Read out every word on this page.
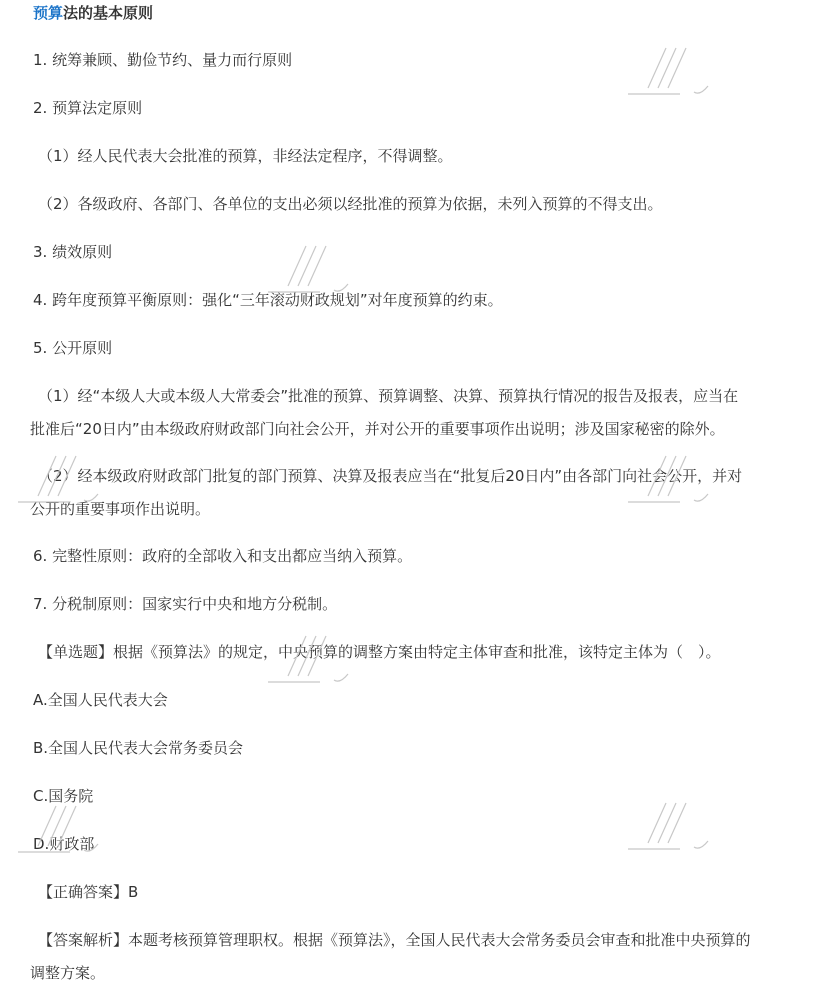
预算法的基本原则
1. 统筹兼顾、勤俭节约、量力而行原则
2. 预算法定原则
（1）经人民代表大会批准的预算，非经法定程序，不得调整。
（2）各级政府、各部门、各单位的支出必须以经批准的预算为依据，未列入预算的不得支出。
3. 绩效原则
4. 跨年度预算平衡原则：强化“三年滚动财政规划”对年度预算的约束。
5. 公开原则
（1）经“本级人大或本级人大常委会”批准的预算、预算调整、决算、预算执行情况的报告及报表，应当在
批准后“20日内”由本级政府财政部门向社会公开，并对公开的重要事项作出说明；涉及国家秘密的除外。
（2）经本级政府财政部门批复的部门预算、决算及报表应当在“批复后20日内”由各部门向社会公开，并对
公开的重要事项作出说明。
6. 完整性原则：政府的全部收入和支出都应当纳入预算。
7. 分税制原则：国家实行中央和地方分税制。
【单选题】根据《预算法》的规定，中央预算的调整方案由特定主体审查和批准，该特定主体为（　）。
A.全国人民代表大会
B.全国人民代表大会常务委员会
C.国务院
D.财政部
【正确答案】B
【答案解析】本题考核预算管理职权。根据《预算法》，全国人民代表大会常务委员会审查和批准中央预算的
调整方案。
